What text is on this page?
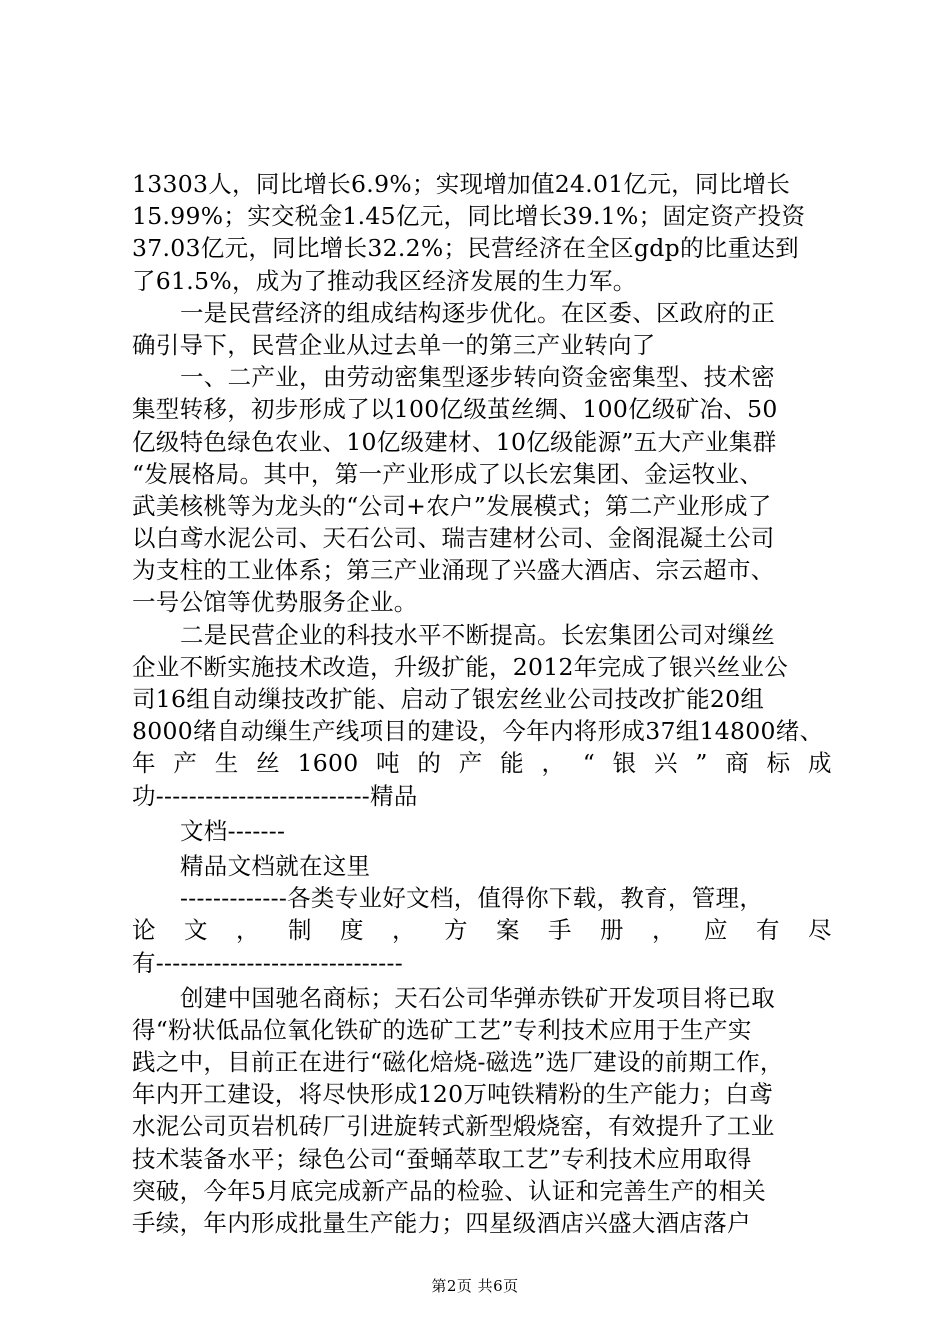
13303人，同比增长6.9%；实现增加值24.01亿元，同比增长
15.99%；实交税金1.45亿元，同比增长39.1%；固定资产投资
37.03亿元，同比增长32.2%；民营经济在全区gdp的比重达到
了61.5%，成为了推动我区经济发展的生力军。
一是民营经济的组成结构逐步优化。在区委、区政府的正
确引导下，民营企业从过去单一的第三产业转向了
一、二产业，由劳动密集型逐步转向资金密集型、技术密
集型转移，初步形成了以100亿级茧丝绸、100亿级矿冶、50
亿级特色绿色农业、10亿级建材、10亿级能源”五大产业集群
“发展格局。其中，第一产业形成了以长宏集团、金运牧业、
武美核桃等为龙头的“公司+农户”发展模式；第二产业形成了
以白鸢水泥公司、天石公司、瑞吉建材公司、金阁混凝土公司
为支柱的工业体系；第三产业涌现了兴盛大酒店、宗云超市、
一号公馆等优势服务企业。
二是民营企业的科技水平不断提高。长宏集团公司对缫丝
企业不断实施技术改造，升级扩能，2012年完成了银兴丝业公
司16组自动缫技改扩能、启动了银宏丝业公司技改扩能20组
8000绪自动缫生产线项目的建设，今年内将形成37组14800绪、
年 产 生 丝 1600 吨 的 产 能 ， “ 银 兴 ” 商 标 成
功--------------------------精品
文档-------
精品文档就在这里
-------------各类专业好文档，值得你下载，教育，管理，
论 文 ， 制 度 ， 方 案 手 册 ， 应 有 尽
有------------------------------
创建中国驰名商标；天石公司华弹赤铁矿开发项目将已取
得“粉状低品位氧化铁矿的选矿工艺”专利技术应用于生产实
践之中，目前正在进行“磁化焙烧-磁选”选厂建设的前期工作，
年内开工建设，将尽快形成120万吨铁精粉的生产能力；白鸢
水泥公司页岩机砖厂引进旋转式新型煅烧窑，有效提升了工业
技术装备水平；绿色公司“蚕蛹萃取工艺”专利技术应用取得
突破，今年5月底完成新产品的检验、认证和完善生产的相关
手续，年内形成批量生产能力；四星级酒店兴盛大酒店落户
第2页 共6页
